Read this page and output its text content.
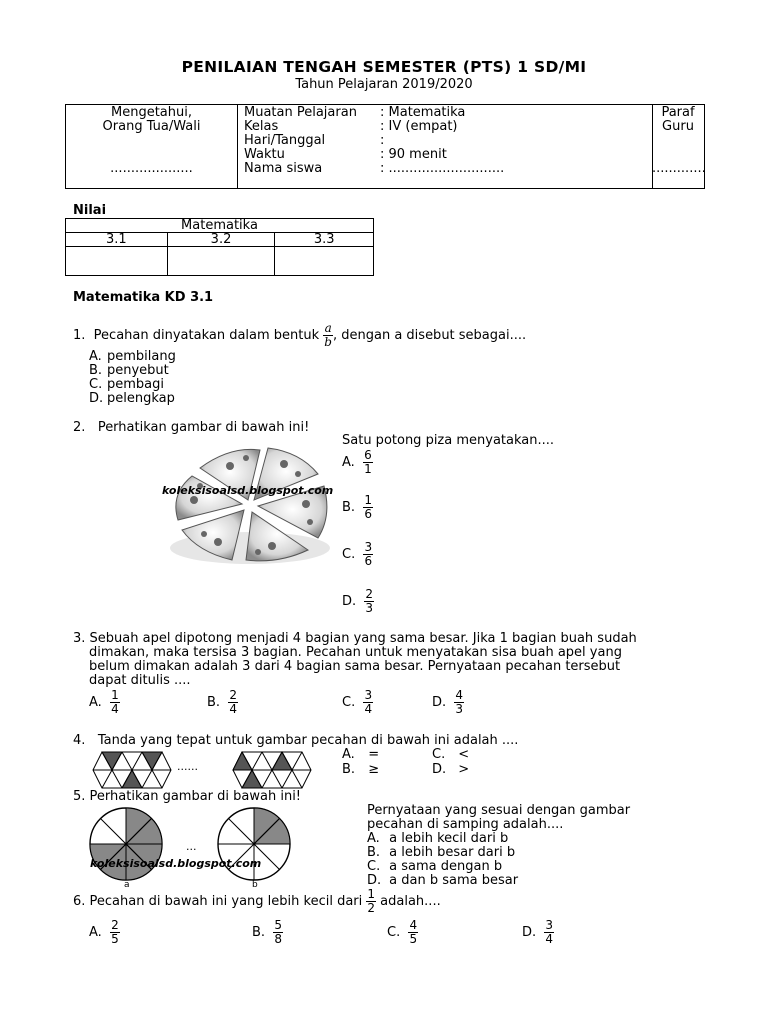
PENILAIAN TENGAH SEMESTER (PTS) 1 SD/MI
Tahun Pelajaran 2019/2020
Mengetahui,
Orang Tua/Wali
....................
Muatan Pelajaran	: Matematika
Kelas	: IV (empat)
Hari/Tanggal	:
Waktu	: 90 menit
Nama siswa	: ............................
Paraf Guru
.............
Nilai
Matematika		
3.1	3.2	3.3

Matematika KD 3.1
1. Pecahan dinyatakan dalam bentuk $\frac{a}{b}$ , dengan a disebut sebagai....
A. pembilang
B. penyebut
C. pembagi
D. pelengkap
2. Perhatikan gambar di bawah ini!
koleksisoalsd.blogspot.com
Satu potong piza menyatakan....
A. $\frac{6}{1}$
B. $\frac{1}{6}$
C. $\frac{3}{6}$
D. $\frac{2}{3}$
3. Sebuah apel dipotong menjadi 4 bagian yang sama besar. Jika 1 bagian buah sudah
dimakan, maka tersisa 3 bagian. Pecahan untuk menyatakan sisa buah apel yang
belum dimakan adalah 3 dari 4 bagian sama besar. Pernyataan pecahan tersebut
dapat ditulis ....
A. $\frac{1}{4}$	B. $\frac{2}{4}$	C. $\frac{3}{4}$	D. $\frac{4}{3}$
4. Tanda yang tepat untuk gambar pecahan di bawah ini adalah ....
......
A. =	C. <
B. ≥	D. >
5. Perhatikan gambar di bawah ini!
...
koleksisoalsd.blogspot.com
a	b
Pernyataan yang sesuai dengan gambar
pecahan di samping adalah....
A. a lebih kecil dari b
B. a lebih besar dari b
C. a sama dengan b
D. a dan b sama besar
6. Pecahan di bawah ini yang lebih kecil dari $\frac{1}{2}$ adalah....
A. $\frac{2}{5}$	B. $\frac{5}{8}$	C. $\frac{4}{5}$	D. $\frac{3}{4}$
